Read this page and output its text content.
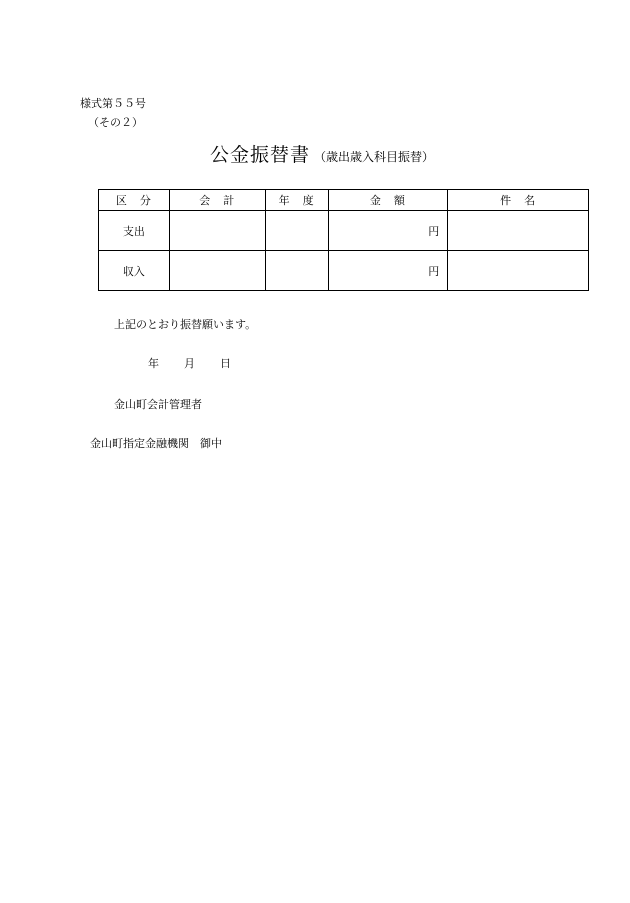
様式第５５号
（その２）
公金振替書 （歳出歳入科目振替）
区　分	会　計	年　度	金　額	件　名
支出			円	
収入			円	
上記のとおり振替願います。
年 月 日
金山町会計管理者
金山町指定金融機関　御中
